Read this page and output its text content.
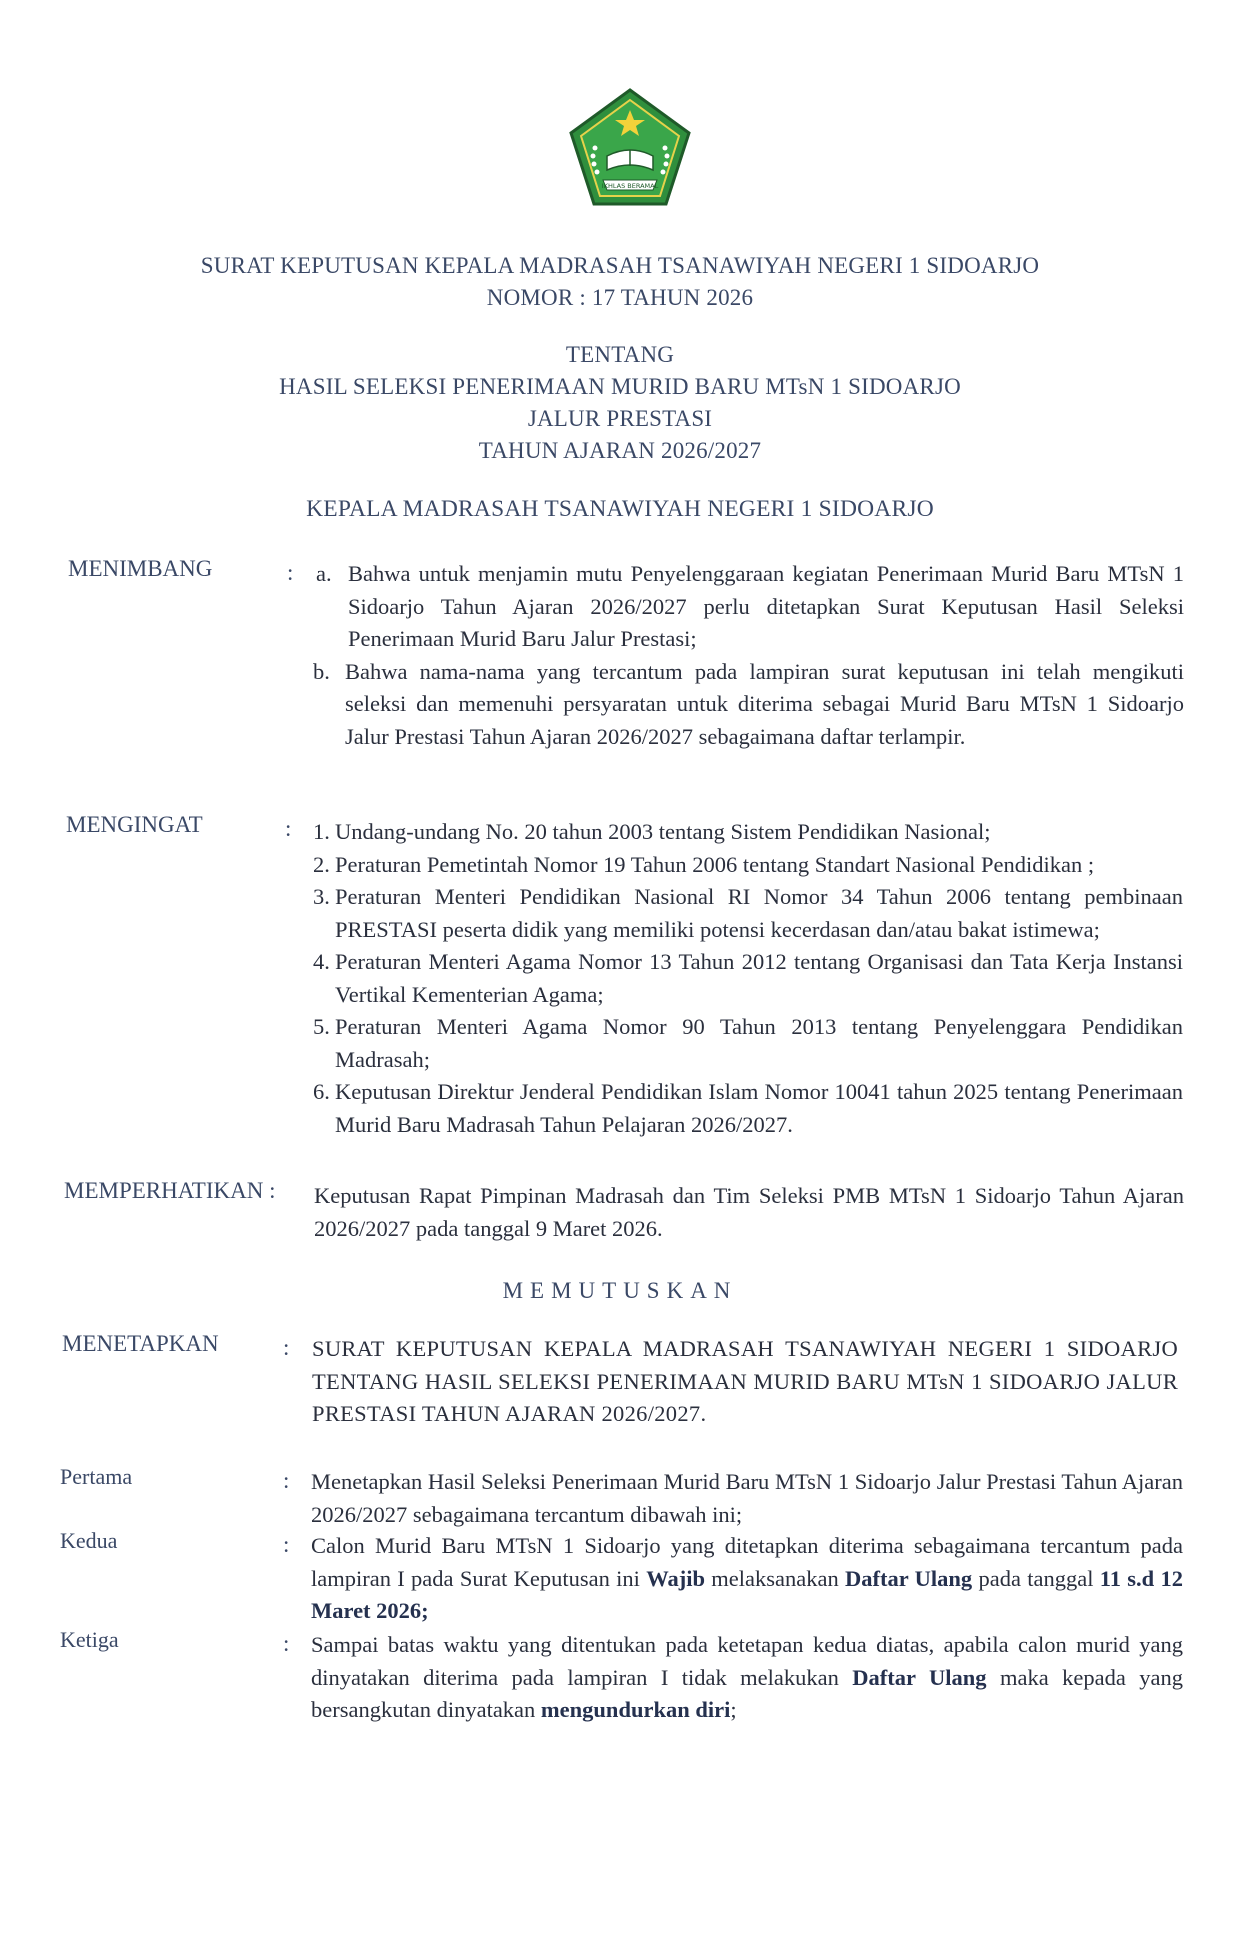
IKHLAS BERAMAL
SURAT KEPUTUSAN KEPALA MADRASAH TSANAWIYAH NEGERI 1 SIDOARJO
NOMOR : 17 TAHUN 2026
TENTANG
HASIL SELEKSI PENERIMAAN MURID BARU MTsN 1 SIDOARJO
JALUR PRESTASI
TAHUN AJARAN 2026/2027
KEPALA MADRASAH TSANAWIYAH NEGERI 1 SIDOARJO
MENIMBANG	: a. Bahwa untuk menjamin mutu Penyelenggaraan kegiatan Penerimaan Murid Baru MTsN 1 Sidoarjo Tahun Ajaran 2026/2027 perlu ditetapkan Surat Keputusan Hasil Seleksi Penerimaan Murid Baru Jalur Prestasi;
b. Bahwa nama-nama yang tercantum pada lampiran surat keputusan ini telah mengikuti seleksi dan memenuhi persyaratan untuk diterima sebagai Murid Baru MTsN 1 Sidoarjo Jalur Prestasi Tahun Ajaran 2026/2027 sebagaimana daftar terlampir.
MENGINGAT	: 1. Undang-undang No. 20 tahun 2003 tentang Sistem Pendidikan Nasional;
2. Peraturan Pemetintah Nomor 19 Tahun 2006 tentang Standart Nasional Pendidikan ;
3. Peraturan Menteri Pendidikan Nasional RI Nomor 34 Tahun 2006 tentang pembinaan PRESTASI peserta didik yang memiliki potensi kecerdasan dan/atau bakat istimewa;
4. Peraturan Menteri Agama Nomor 13 Tahun 2012 tentang Organisasi dan Tata Kerja Instansi Vertikal Kementerian Agama;
5. Peraturan Menteri Agama Nomor 90 Tahun 2013 tentang Penyelenggara Pendidikan Madrasah;
6. Keputusan Direktur Jenderal Pendidikan Islam Nomor 10041 tahun 2025 tentang Penerimaan Murid Baru Madrasah Tahun Pelajaran 2026/2027.
MEMPERHATIKAN : Keputusan Rapat Pimpinan Madrasah dan Tim Seleksi PMB MTsN 1 Sidoarjo Tahun Ajaran 2026/2027 pada tanggal 9 Maret 2026.
MEMUTUSKAN
MENETAPKAN	: SURAT KEPUTUSAN KEPALA MADRASAH TSANAWIYAH NEGERI 1 SIDOARJO TENTANG HASIL SELEKSI PENERIMAAN MURID BARU MTsN 1 SIDOARJO JALUR PRESTASI TAHUN AJARAN 2026/2027.
Pertama	: Menetapkan Hasil Seleksi Penerimaan Murid Baru MTsN 1 Sidoarjo Jalur Prestasi Tahun Ajaran 2026/2027 sebagaimana tercantum dibawah ini;
Kedua	: Calon Murid Baru MTsN 1 Sidoarjo yang ditetapkan diterima sebagaimana tercantum pada lampiran I pada Surat Keputusan ini Wajib melaksanakan Daftar Ulang pada tanggal 11 s.d 12 Maret 2026;
Ketiga	: Sampai batas waktu yang ditentukan pada ketetapan kedua diatas, apabila calon murid yang dinyatakan diterima pada lampiran I tidak melakukan Daftar Ulang maka kepada yang bersangkutan dinyatakan mengundurkan diri;
